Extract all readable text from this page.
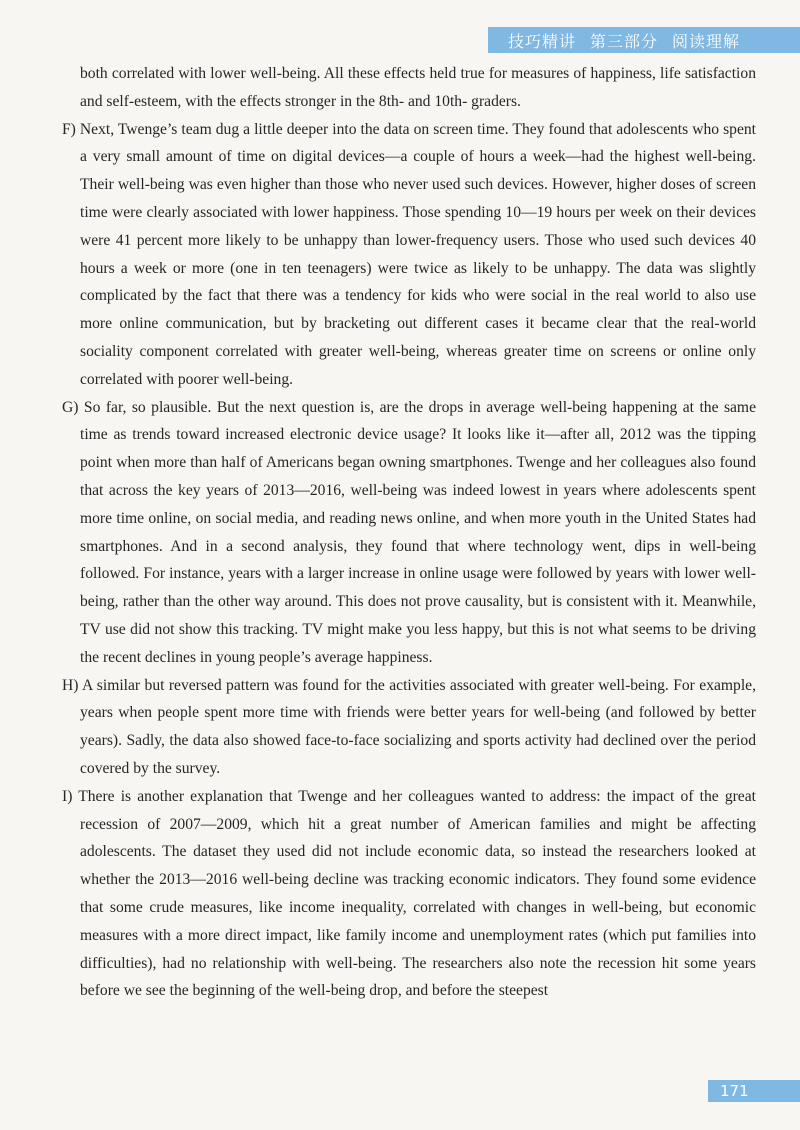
技巧精讲 第三部分 阅读理解

both correlated with lower well-being. All these effects held true for measures of happiness, life satisfaction and self-esteem, with the effects stronger in the 8th- and 10th- graders.

F) Next, Twenge’s team dug a little deeper into the data on screen time. They found that adolescents who spent a very small amount of time on digital devices—a couple of hours a week—had the highest well-being. Their well-being was even higher than those who never used such devices. However, higher doses of screen time were clearly associated with lower happiness. Those spending 10—19 hours per week on their devices were 41 percent more likely to be unhappy than lower-frequency users. Those who used such devices 40 hours a week or more (one in ten teenagers) were twice as likely to be unhappy. The data was slightly complicated by the fact that there was a tendency for kids who were social in the real world to also use more online communication, but by bracketing out different cases it became clear that the real-world sociality component correlated with greater well-being, whereas greater time on screens or online only correlated with poorer well-being.

G) So far, so plausible. But the next question is, are the drops in average well-being happening at the same time as trends toward increased electronic device usage? It looks like it—after all, 2012 was the tipping point when more than half of Americans began owning smartphones. Twenge and her colleagues also found that across the key years of 2013—2016, well-being was indeed lowest in years where adolescents spent more time online, on social media, and reading news online, and when more youth in the United States had smartphones. And in a second analysis, they found that where technology went, dips in well-being followed. For instance, years with a larger increase in online usage were followed by years with lower well-being, rather than the other way around. This does not prove causality, but is consistent with it. Meanwhile, TV use did not show this tracking. TV might make you less happy, but this is not what seems to be driving the recent declines in young people’s average happiness.

H) A similar but reversed pattern was found for the activities associated with greater well-being. For example, years when people spent more time with friends were better years for well-being (and followed by better years). Sadly, the data also showed face-to-face socializing and sports activity had declined over the period covered by the survey.

I) There is another explanation that Twenge and her colleagues wanted to address: the impact of the great recession of 2007—2009, which hit a great number of American families and might be affecting adolescents. The dataset they used did not include economic data, so instead the researchers looked at whether the 2013—2016 well-being decline was tracking economic indicators. They found some evidence that some crude measures, like income inequality, correlated with changes in well-being, but economic measures with a more direct impact, like family income and unemployment rates (which put families into difficulties), had no relationship with well-being. The researchers also note the recession hit some years before we see the beginning of the well-being drop, and before the steepest

171
